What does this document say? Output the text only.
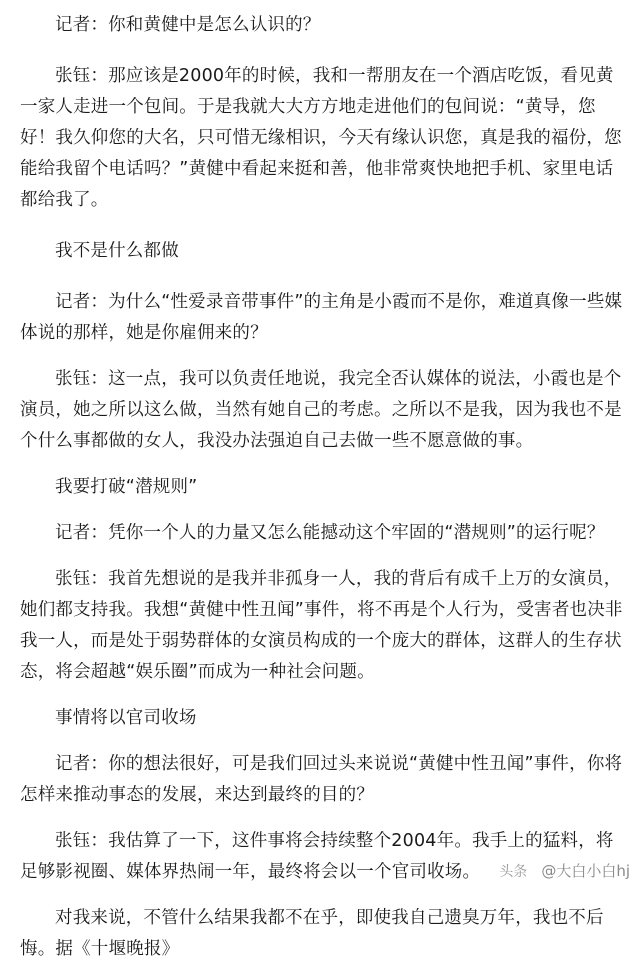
记者：你和黄健中是怎么认识的？

张钰：那应该是2000年的时候，我和一帮朋友在一个酒店吃饭，看见黄一家人走进一个包间。于是我就大大方方地走进他们的包间说：“黄导，您好！我久仰您的大名，只可惜无缘相识，今天有缘认识您，真是我的福份，您能给我留个电话吗？”黄健中看起来挺和善，他非常爽快地把手机、家里电话都给我了。

我不是什么都做

记者：为什么“性爱录音带事件”的主角是小霞而不是你，难道真像一些媒体说的那样，她是你雇佣来的？

张钰：这一点，我可以负责任地说，我完全否认媒体的说法，小霞也是个演员，她之所以这么做，当然有她自己的考虑。之所以不是我，因为我也不是个什么事都做的女人，我没办法强迫自己去做一些不愿意做的事。

我要打破“潜规则”

记者：凭你一个人的力量又怎么能撼动这个牢固的“潜规则”的运行呢？

张钰：我首先想说的是我并非孤身一人，我的背后有成千上万的女演员，她们都支持我。我想“黄健中性丑闻”事件，将不再是个人行为，受害者也决非我一人，而是处于弱势群体的女演员构成的一个庞大的群体，这群人的生存状态，将会超越“娱乐圈”而成为一种社会问题。

事情将以官司收场

记者：你的想法很好，可是我们回过头来说说“黄健中性丑闻”事件，你将怎样来推动事态的发展，来达到最终的目的？

张钰：我估算了一下，这件事将会持续整个2004年。我手上的猛料，将足够影视圈、媒体界热闹一年，最终将会以一个官司收场。

对我来说，不管什么结果我都不在乎，即使我自己遗臭万年，我也不后悔。据《十堰晚报》

头条 @大白小白hj
